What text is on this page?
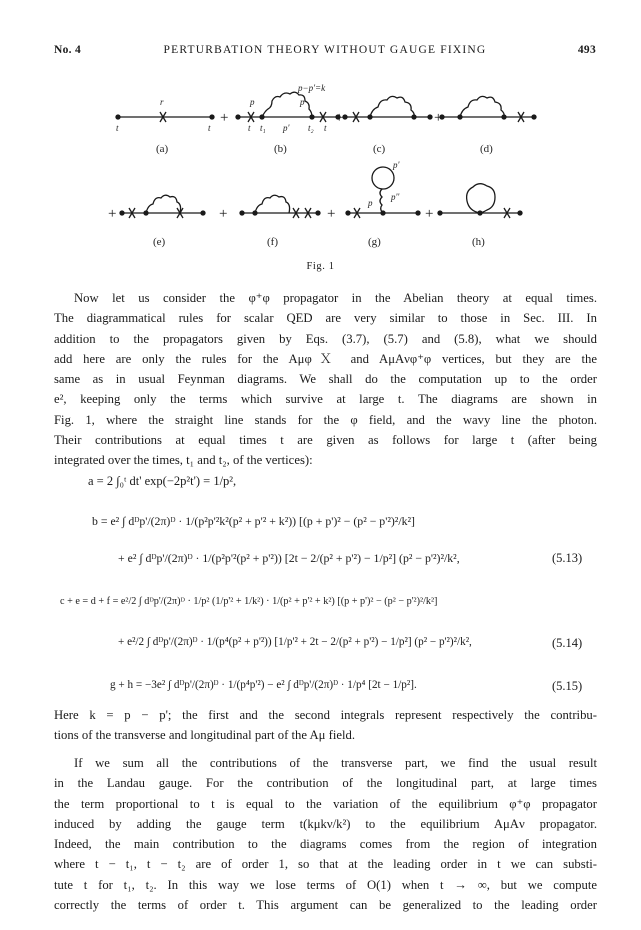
No. 4	PERTURBATION THEORY WITHOUT GAUGE FIXING	493
+	+	+
+	+	+	+
r
t	t
p	p
t t₁ p' t₂ t
p
p'
p''
p−p'=k
(a)	(b)	(c)	(d)
(e)	(f)	(g)	(h)
Fig. 1
Now let us consider the φ⁺φ propagator in the Abelian theory at equal times.
The diagrammatical rules for scalar QED are very similar to those in Sec. III. In
addition to the propagators given by Eqs. (3.7), (5.7) and (5.8), what we should
add here are only the rules for the AμφＸ and AμAνφ⁺φ vertices, but they are the
same as in usual Feynman diagrams. We shall do the computation up to the order
e², keeping only the terms which survive at large t. The diagrams are shown in
Fig. 1, where the straight line stands for the φ field, and the wavy line the photon.
Their contributions at equal times t are given as follows for large t (after being
integrated over the times, t₁ and t₂, of the vertices):
a = 2 ∫₀ᵗ dt' exp(−2p²t') = 1/p²,
b = e² ∫ dᴰp'/(2π)ᴰ · 1/(p²p'²k²(p² + p'² + k²)) [(p + p')² − (p² − p'²)²/k²]
+ e² ∫ dᴰp'/(2π)ᴰ · 1/(p²p'²(p² + p'²)) [2t − 2/(p² + p'²) − 1/p²] (p² − p'²)²/k²,	(5.13)
c + e = d + f = e²/2 ∫ dᴰp'/(2π)ᴰ · 1/p² (1/p'² + 1/k²) · 1/(p² + p'² + k²) [(p + p')² − (p² − p'²)²/k²]
+ e²/2 ∫ dᴰp'/(2π)ᴰ · 1/(p⁴(p² + p'²)) [1/p'² + 2t − 2/(p² + p'²) − 1/p²] (p² − p'²)²/k²,	(5.14)
g + h = −3e² ∫ dᴰp'/(2π)ᴰ · 1/(p⁴p'²) − e² ∫ dᴰp'/(2π)ᴰ · 1/p⁴ [2t − 1/p²].	(5.15)
Here k = p − p'; the first and the second integrals represent respectively the contribu-
tions of the transverse and longitudinal part of the Aμ field.
If we sum all the contributions of the transverse part, we find the usual result
in the Landau gauge. For the contribution of the longitudinal part, at large times
the term proportional to t is equal to the variation of the equilibrium φ⁺φ propagator
induced by adding the gauge term t(kμkν/k²) to the equilibrium AμAν propagator.
Indeed, the main contribution to the diagrams comes from the region of integration
where t − t₁, t − t₂ are of order 1, so that at the leading order in t we can substi-
tute t for t₁, t₂. In this way we lose terms of O(1) when t → ∞, but we compute
correctly the terms of order t. This argument can be generalized to the leading order
